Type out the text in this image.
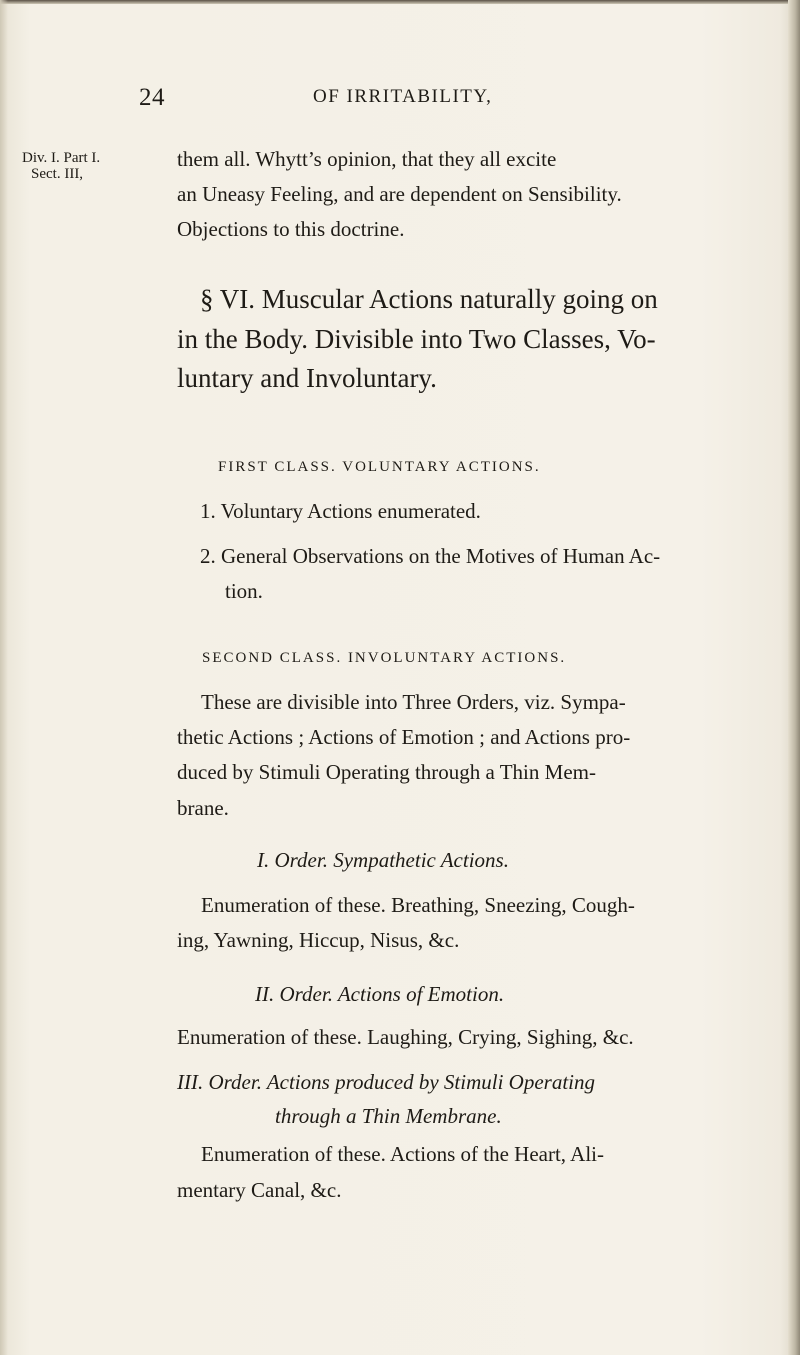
24	OF IRRITABILITY,
Div. I. Part I.
Sect. III,
them all. Whytt’s opinion, that they all excite
an Uneasy Feeling, and are dependent on Sensibility.
Objections to this doctrine.
§ VI. Muscular Actions naturally going on
in the Body. Divisible into Two Classes, Vo-
luntary and Involuntary.
FIRST CLASS. VOLUNTARY ACTIONS.
1. Voluntary Actions enumerated.
2. General Observations on the Motives of Human Ac-
tion.
SECOND CLASS. INVOLUNTARY ACTIONS.
These are divisible into Three Orders, viz. Sympa-
thetic Actions ; Actions of Emotion ; and Actions pro-
duced by Stimuli Operating through a Thin Mem-
brane.
I. Order. Sympathetic Actions.
Enumeration of these. Breathing, Sneezing, Cough-
ing, Yawning, Hiccup, Nisus, &c.
II. Order. Actions of Emotion.
Enumeration of these. Laughing, Crying, Sighing, &c.
III. Order. Actions produced by Stimuli Operating
through a Thin Membrane.
Enumeration of these. Actions of the Heart, Ali-
mentary Canal, &c.
